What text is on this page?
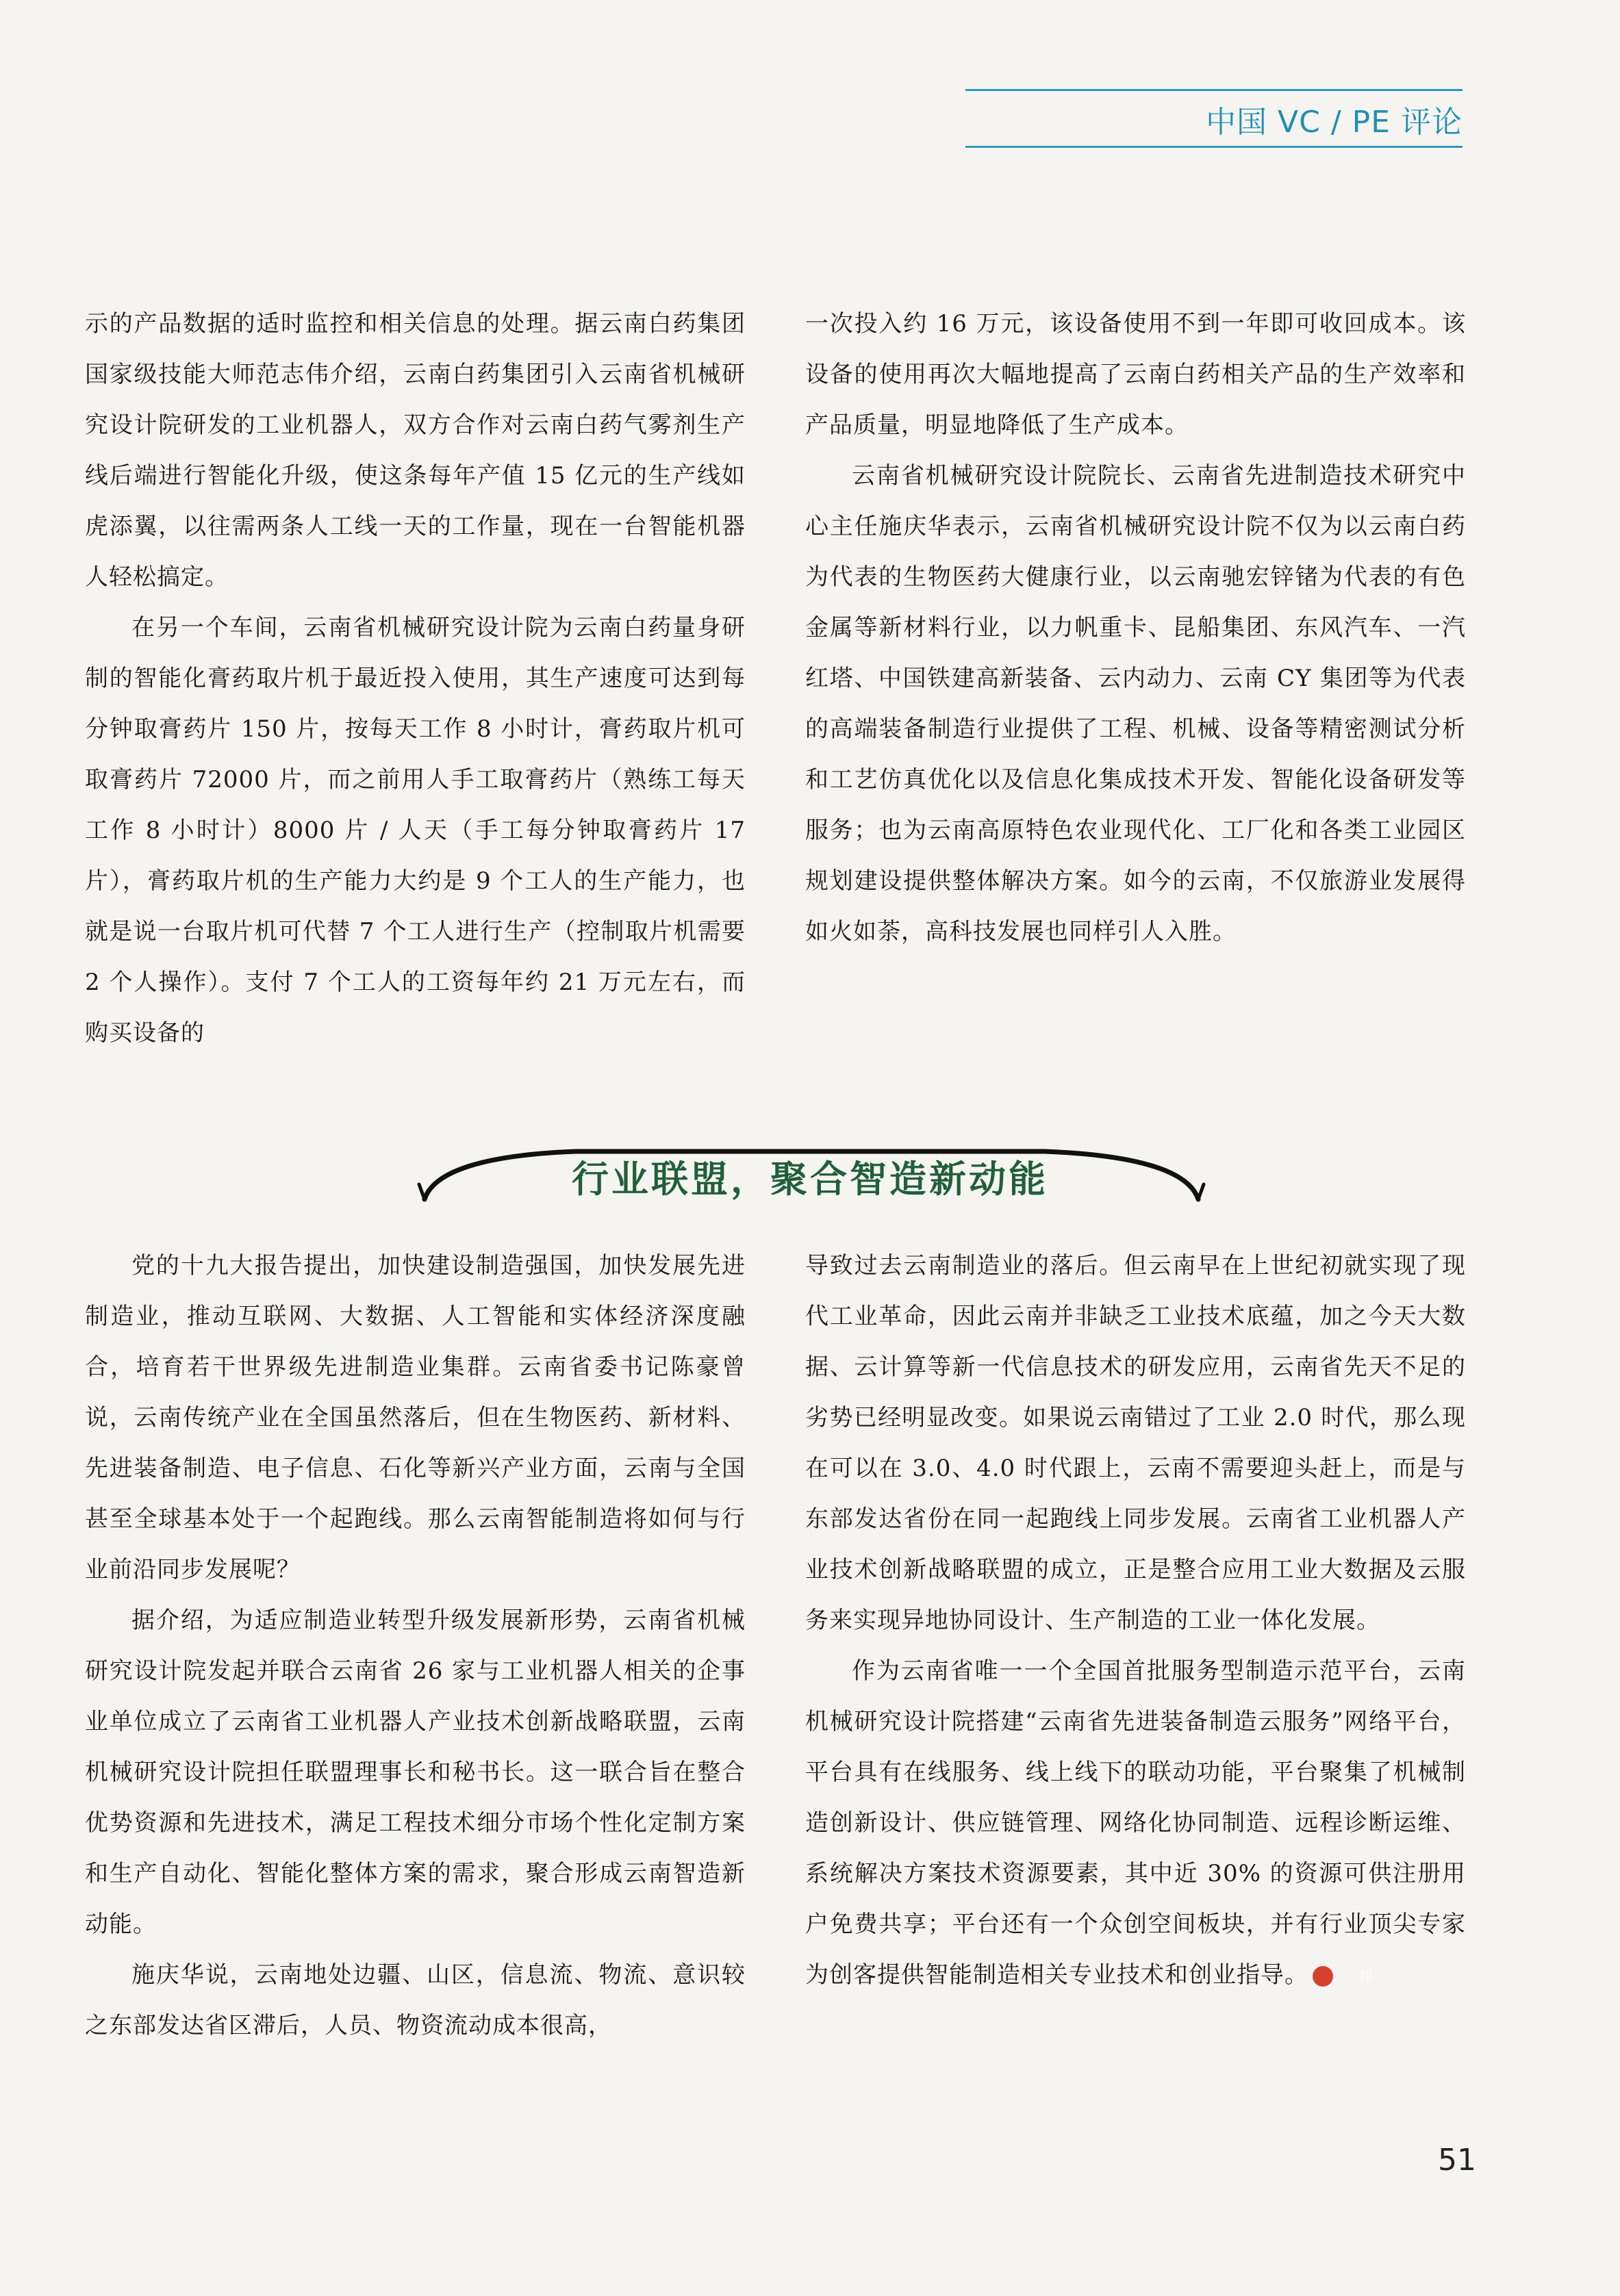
中国 VC / PE 评论

示的产品数据的适时监控和相关信息的处理。据云南白药集团国家级技能大师范志伟介绍，云南白药集团引入云南省机械研究设计院研发的工业机器人，双方合作对云南白药气雾剂生产线后端进行智能化升级，使这条每年产值 15 亿元的生产线如虎添翼，以往需两条人工线一天的工作量，现在一台智能机器人轻松搞定。

在另一个车间，云南省机械研究设计院为云南白药量身研制的智能化膏药取片机于最近投入使用，其生产速度可达到每分钟取膏药片 150 片，按每天工作 8 小时计，膏药取片机可取膏药片 72000 片，而之前用人手工取膏药片（熟练工每天工作 8 小时计）8000 片 / 人天（手工每分钟取膏药片 17 片），膏药取片机的生产能力大约是 9 个工人的生产能力，也就是说一台取片机可代替 7 个工人进行生产（控制取片机需要 2 个人操作）。支付 7 个工人的工资每年约 21 万元左右，而购买设备的

一次投入约 16 万元，该设备使用不到一年即可收回成本。该设备的使用再次大幅地提高了云南白药相关产品的生产效率和产品质量，明显地降低了生产成本。

云南省机械研究设计院院长、云南省先进制造技术研究中心主任施庆华表示，云南省机械研究设计院不仅为以云南白药为代表的生物医药大健康行业，以云南驰宏锌锗为代表的有色金属等新材料行业，以力帆重卡、昆船集团、东风汽车、一汽红塔、中国铁建高新装备、云内动力、云南 CY 集团等为代表的高端装备制造行业提供了工程、机械、设备等精密测试分析和工艺仿真优化以及信息化集成技术开发、智能化设备研发等服务；也为云南高原特色农业现代化、工厂化和各类工业园区规划建设提供整体解决方案。如今的云南，不仅旅游业发展得如火如荼，高科技发展也同样引人入胜。

行业联盟，聚合智造新动能

党的十九大报告提出，加快建设制造强国，加快发展先进制造业，推动互联网、大数据、人工智能和实体经济深度融合，培育若干世界级先进制造业集群。云南省委书记陈豪曾说，云南传统产业在全国虽然落后，但在生物医药、新材料、先进装备制造、电子信息、石化等新兴产业方面，云南与全国甚至全球基本处于一个起跑线。那么云南智能制造将如何与行业前沿同步发展呢？

据介绍，为适应制造业转型升级发展新形势，云南省机械研究设计院发起并联合云南省 26 家与工业机器人相关的企事业单位成立了云南省工业机器人产业技术创新战略联盟，云南机械研究设计院担任联盟理事长和秘书长。这一联合旨在整合优势资源和先进技术，满足工程技术细分市场个性化定制方案和生产自动化、智能化整体方案的需求，聚合形成云南智造新动能。

施庆华说，云南地处边疆、山区，信息流、物流、意识较之东部发达省区滞后，人员、物资流动成本很高，

导致过去云南制造业的落后。但云南早在上世纪初就实现了现代工业革命，因此云南并非缺乏工业技术底蕴，加之今天大数据、云计算等新一代信息技术的研发应用，云南省先天不足的劣势已经明显改变。如果说云南错过了工业 2.0 时代，那么现在可以在 3.0、4.0 时代跟上，云南不需要迎头赶上，而是与东部发达省份在同一起跑线上同步发展。云南省工业机器人产业技术创新战略联盟的成立，正是整合应用工业大数据及云服务来实现异地协同设计、生产制造的工业一体化发展。

作为云南省唯一一个全国首批服务型制造示范平台，云南机械研究设计院搭建“云南省先进装备制造云服务”网络平台，平台具有在线服务、线上线下的联动功能，平台聚集了机械制造创新设计、供应链管理、网络化协同制造、远程诊断运维、系统解决方案技术资源要素，其中近 30% 的资源可供注册用户免费共享；平台还有一个众创空间板块，并有行业顶尖专家为创客提供智能制造相关专业技术和创业指导。	评

51
